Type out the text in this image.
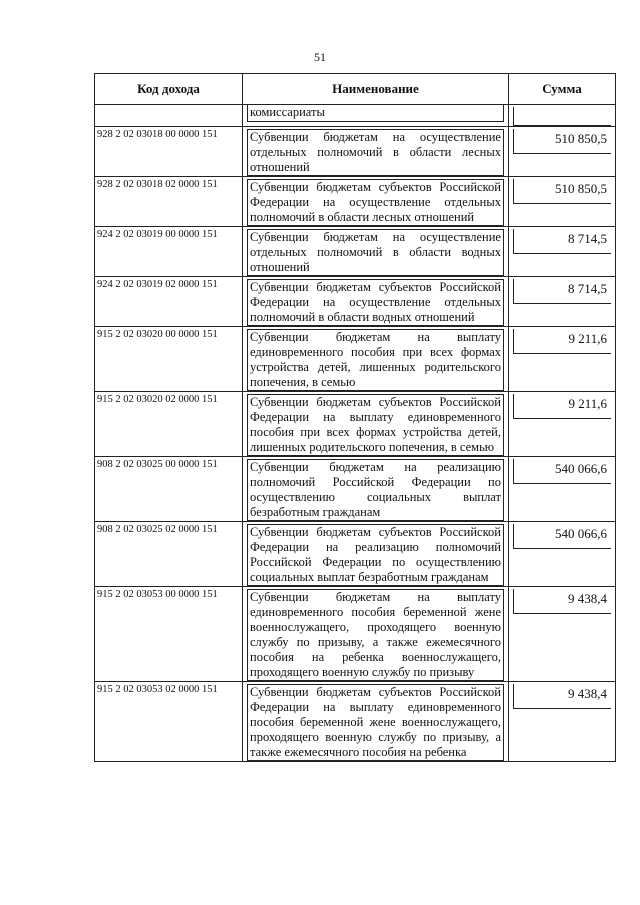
51
Код дохода	Наименование	Сумма

	комиссариаты	

928 2 02 03018 00 0000 151	Субвенции бюджетам на осуществление отдельных полномочий в области лесных отношений	510 850,5

928 2 02 03018 02 0000 151	Субвенции бюджетам субъектов Российской Федерации на осуществление отдельных полномочий в области лесных отношений	510 850,5

924 2 02 03019 00 0000 151	Субвенции бюджетам на осуществление отдельных полномочий в области водных отношений	8 714,5

924 2 02 03019 02 0000 151	Субвенции бюджетам субъектов Российской Федерации на осуществление отдельных полномочий в области водных отношений	8 714,5

915 2 02 03020 00 0000 151	Субвенции бюджетам на выплату единовременного пособия при всех формах устройства детей, лишенных родительского попечения, в семью	9 211,6

915 2 02 03020 02 0000 151	Субвенции бюджетам субъектов Российской Федерации на выплату единовременного пособия при всех формах устройства детей, лишенных родительского попечения, в семью	9 211,6

908 2 02 03025 00 0000 151	Субвенции бюджетам на реализацию полномочий Российской Федерации по осуществлению социальных выплат безработным гражданам	540 066,6

908 2 02 03025 02 0000 151	Субвенции бюджетам субъектов Российской Федерации на реализацию полномочий Российской Федерации по осуществлению социальных выплат безработным гражданам	540 066,6

915 2 02 03053 00 0000 151	Субвенции бюджетам на выплату единовременного пособия беременной жене военнослужащего, проходящего военную службу по призыву, а также ежемесячного пособия на ребенка военнослужащего, проходящего военную службу по призыву	9 438,4

915 2 02 03053 02 0000 151	Субвенции бюджетам субъектов Российской Федерации на выплату единовременного пособия беременной жене военнослужащего, проходящего военную службу по призыву, а также ежемесячного пособия на ребенка	9 438,4
